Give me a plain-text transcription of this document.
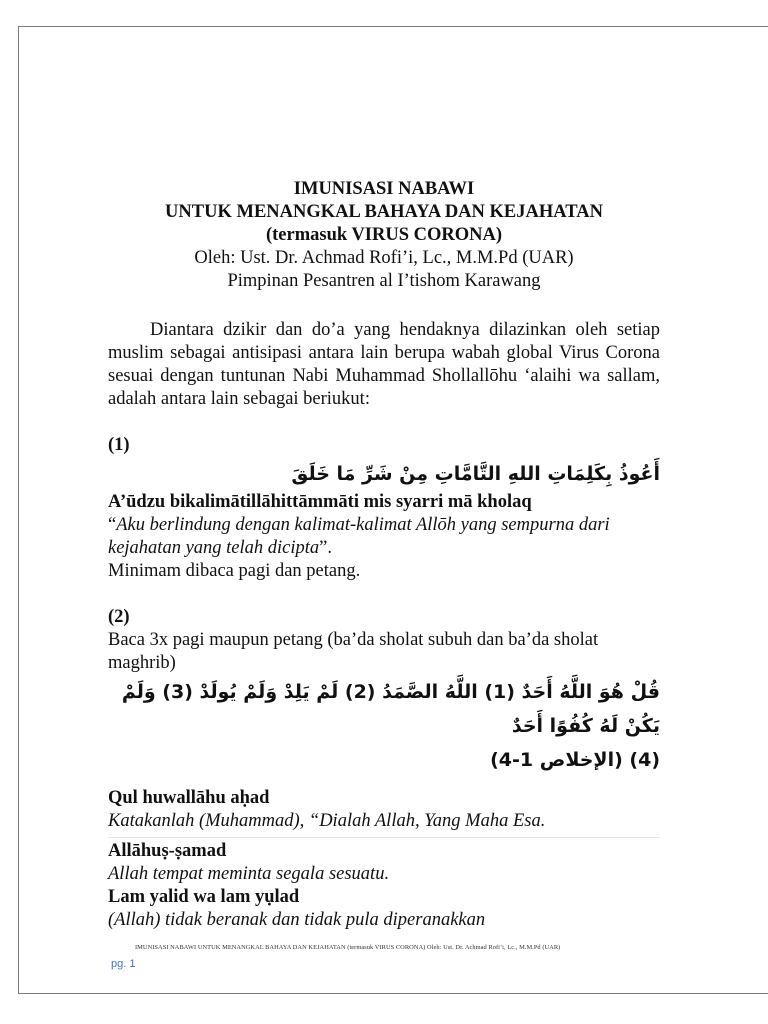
IMUNISASI NABAWI
UNTUK MENANGKAL BAHAYA DAN KEJAHATAN
(termasuk VIRUS CORONA)
Oleh: Ust. Dr. Achmad Rofi’i, Lc., M.M.Pd (UAR)
Pimpinan Pesantren al I’tishom Karawang
Diantara dzikir dan do’a yang hendaknya dilazinkan oleh setiap muslim sebagai antisipasi antara lain berupa wabah global Virus Corona sesuai dengan tuntunan Nabi Muhammad Shollallōhu ‘alaihi wa sallam, adalah antara lain sebagai beriukut:
(1)
أَعُوذُ بِكَلِمَاتِ اللهِ التَّامَّاتِ مِنْ شَرِّ مَا خَلَقَ
A’ūdzu bikalimātillāhittāmmāti mis syarri mā kholaq
“Aku berlindung dengan kalimat-kalimat Allōh yang sempurna dari kejahatan yang telah dicipta”.
Minimam dibaca pagi dan petang.
(2)
Baca 3x pagi maupun petang (ba’da sholat subuh dan ba’da sholat maghrib)
قُلْ هُوَ اللَّهُ أَحَدٌ (1) اللَّهُ الصَّمَدُ (2) لَمْ يَلِدْ وَلَمْ يُولَدْ (3) وَلَمْ يَكُنْ لَهُ كُفُوًا أَحَدٌ
(4) (الإخلاص 1-4)
Qul huwallāhu aḥad
Katakanlah (Muhammad), “Dialah Allah, Yang Maha Esa.
Allāhuṣ-ṣamad
Allah tempat meminta segala sesuatu.
Lam yalid wa lam yụlad
(Allah) tidak beranak dan tidak pula diperanakkan
IMUNISASI NABAWI UNTUK MENANGKAL BAHAYA DAN KEJAHATAN (termasuk VIRUS CORONA) Oleh: Ust. Dr. Achmad Rofi’i, Lc., M.M.Pd (UAR)
pg. 1
